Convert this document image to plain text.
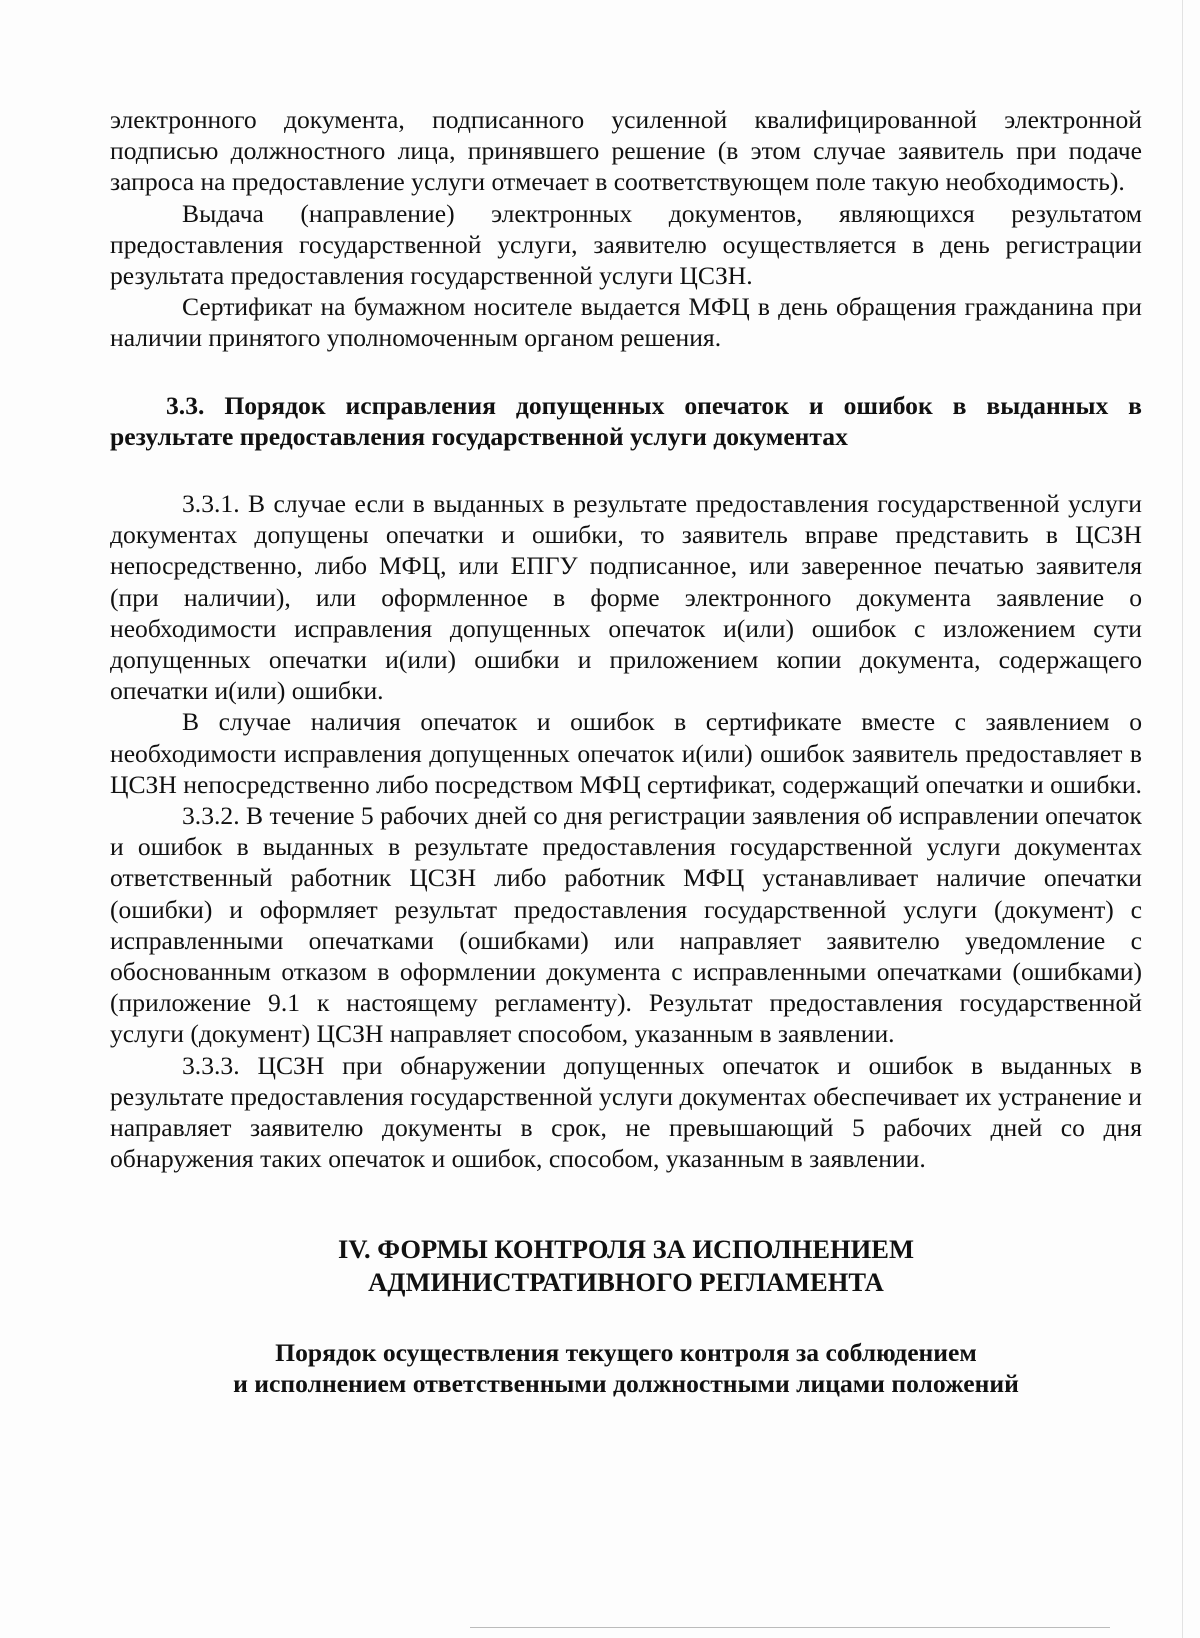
электронного документа, подписанного усиленной квалифицированной электронной подписью должностного лица, принявшего решение (в этом случае заявитель при подаче запроса на предоставление услуги отмечает в соответствующем поле такую необходимость).

Выдача (направление) электронных документов, являющихся результатом предоставления государственной услуги, заявителю осуществляется в день регистрации результата предоставления государственной услуги ЦСЗН.

Сертификат на бумажном носителе выдается МФЦ в день обращения гражданина при наличии принятого уполномоченным органом решения.

3.3. Порядок исправления допущенных опечаток и ошибок в выданных в результате предоставления государственной услуги документах

3.3.1. В случае если в выданных в результате предоставления государственной услуги документах допущены опечатки и ошибки, то заявитель вправе представить в ЦСЗН непосредственно, либо МФЦ, или ЕПГУ подписанное, или заверенное печатью заявителя (при наличии), или оформленное в форме электронного документа заявление о необходимости исправления допущенных опечаток и(или) ошибок с изложением сути допущенных опечатки и(или) ошибки и приложением копии документа, содержащего опечатки и(или) ошибки.

В случае наличия опечаток и ошибок в сертификате вместе с заявлением о необходимости исправления допущенных опечаток и(или) ошибок заявитель предоставляет в ЦСЗН непосредственно либо посредством МФЦ сертификат, содержащий опечатки и ошибки.

3.3.2. В течение 5 рабочих дней со дня регистрации заявления об исправлении опечаток и ошибок в выданных в результате предоставления государственной услуги документах ответственный работник ЦСЗН либо работник МФЦ устанавливает наличие опечатки (ошибки) и оформляет результат предоставления государственной услуги (документ) с исправленными опечатками (ошибками) или направляет заявителю уведомление с обоснованным отказом в оформлении документа с исправленными опечатками (ошибками) (приложение 9.1 к настоящему регламенту). Результат предоставления государственной услуги (документ) ЦСЗН направляет способом, указанным в заявлении.

3.3.3. ЦСЗН при обнаружении допущенных опечаток и ошибок в выданных в результате предоставления государственной услуги документах обеспечивает их устранение и направляет заявителю документы в срок, не превышающий 5 рабочих дней со дня обнаружения таких опечаток и ошибок, способом, указанным в заявлении.

IV. ФОРМЫ КОНТРОЛЯ ЗА ИСПОЛНЕНИЕМ
АДМИНИСТРАТИВНОГО РЕГЛАМЕНТА
Порядок осуществления текущего контроля за соблюдением
и исполнением ответственными должностными лицами положений
